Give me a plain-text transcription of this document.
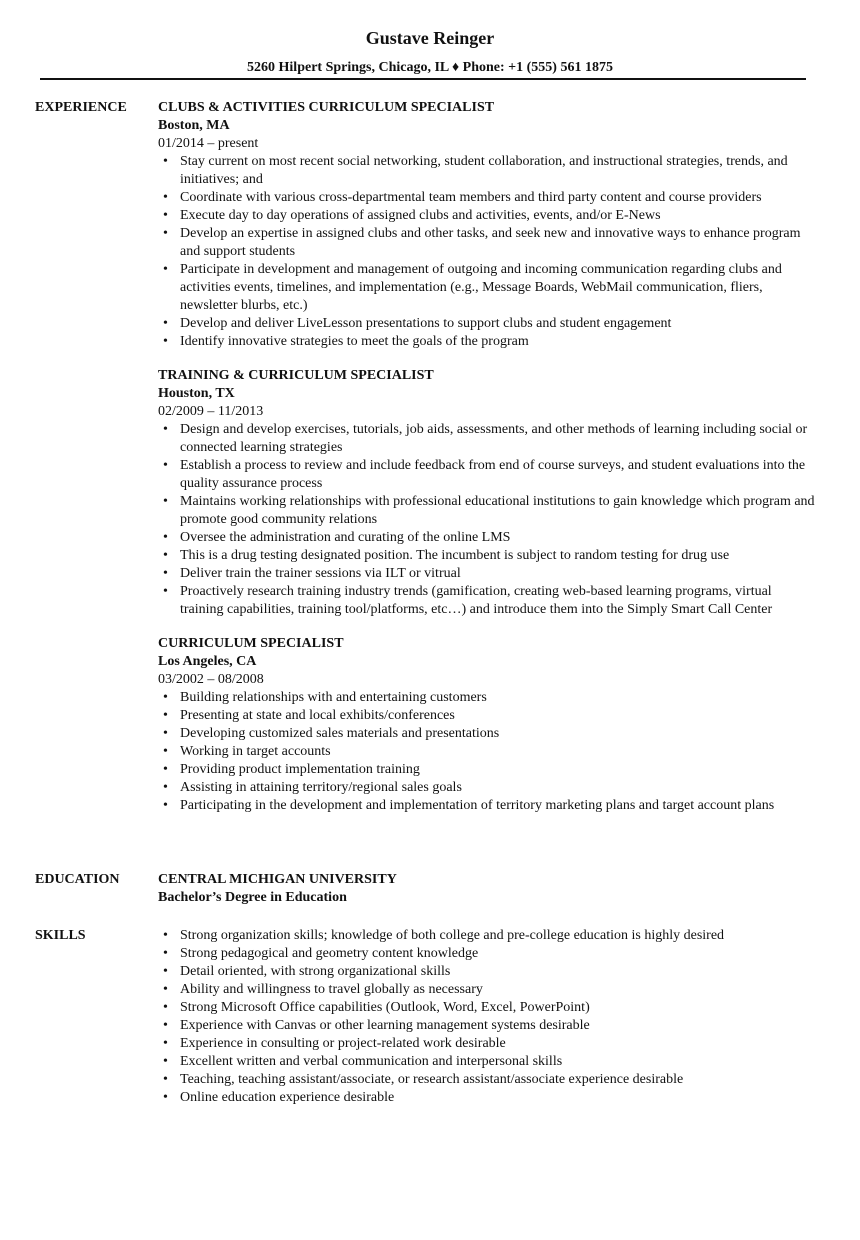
Gustave Reinger
5260 Hilpert Springs, Chicago, IL ♦ Phone: +1 (555) 561 1875
EXPERIENCE CLUBS & ACTIVITIES CURRICULUM SPECIALIST
Boston, MA
01/2014 – present
• Stay current on most recent social networking, student collaboration, and instructional strategies, trends, and initiatives; and
• Coordinate with various cross-departmental team members and third party content and course providers
• Execute day to day operations of assigned clubs and activities, events, and/or E-News
• Develop an expertise in assigned clubs and other tasks, and seek new and innovative ways to enhance program and support students
• Participate in development and management of outgoing and incoming communication regarding clubs and activities events, timelines, and implementation (e.g., Message Boards, WebMail communication, fliers, newsletter blurbs, etc.)
• Develop and deliver LiveLesson presentations to support clubs and student engagement
• Identify innovative strategies to meet the goals of the program
TRAINING & CURRICULUM SPECIALIST
Houston, TX
02/2009 – 11/2013
• Design and develop exercises, tutorials, job aids, assessments, and other methods of learning including social or connected learning strategies
• Establish a process to review and include feedback from end of course surveys, and student evaluations into the quality assurance process
• Maintains working relationships with professional educational institutions to gain knowledge which program and promote good community relations
• Oversee the administration and curating of the online LMS
• This is a drug testing designated position. The incumbent is subject to random testing for drug use
• Deliver train the trainer sessions via ILT or vitrual
• Proactively research training industry trends (gamification, creating web-based learning programs, virtual training capabilities, training tool/platforms, etc…) and introduce them into the Simply Smart Call Center
CURRICULUM SPECIALIST
Los Angeles, CA
03/2002 – 08/2008
• Building relationships with and entertaining customers
• Presenting at state and local exhibits/conferences
• Developing customized sales materials and presentations
• Working in target accounts
• Providing product implementation training
• Assisting in attaining territory/regional sales goals
• Participating in the development and implementation of territory marketing plans and target account plans
EDUCATION	CENTRAL MICHIGAN UNIVERSITY
Bachelor’s Degree in Education
SKILLS
•	Strong organization skills; knowledge of both college and pre-college education is highly desired
• Strong pedagogical and geometry content knowledge
• Detail oriented, with strong organizational skills
• Ability and willingness to travel globally as necessary
• Strong Microsoft Office capabilities (Outlook, Word, Excel, PowerPoint)
• Experience with Canvas or other learning management systems desirable
• Experience in consulting or project-related work desirable
• Excellent written and verbal communication and interpersonal skills
• Teaching, teaching assistant/associate, or research assistant/associate experience desirable
• Online education experience desirable
